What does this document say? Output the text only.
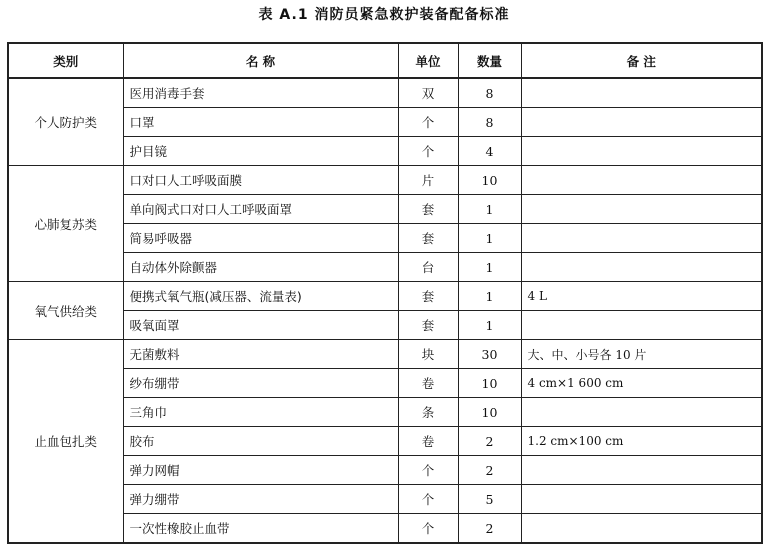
表 A.1 消防员紧急救护装备配备标准
类别	名 称	单位	数量	备 注
个人防护类	医用消毒手套	双	8	
	口罩	个	8	
	护目镜	个	4	
心肺复苏类	口对口人工呼吸面膜	片	10	
	单向阀式口对口人工呼吸面罩	套	1	
	简易呼吸器	套	1	
	自动体外除颤器	台	1	
氧气供给类	便携式氧气瓶(减压器、流量表)	套	1	4 L
	吸氧面罩	套	1	
止血包扎类	无菌敷料	块	30	大、中、小号各 10 片
	纱布绷带	卷	10	4 cm×1 600 cm
	三角巾	条	10	
	胶布	卷	2	1.2 cm×100 cm
	弹力网帽	个	2	
	弹力绷带	个	5	
	一次性橡胶止血带	个	2	
